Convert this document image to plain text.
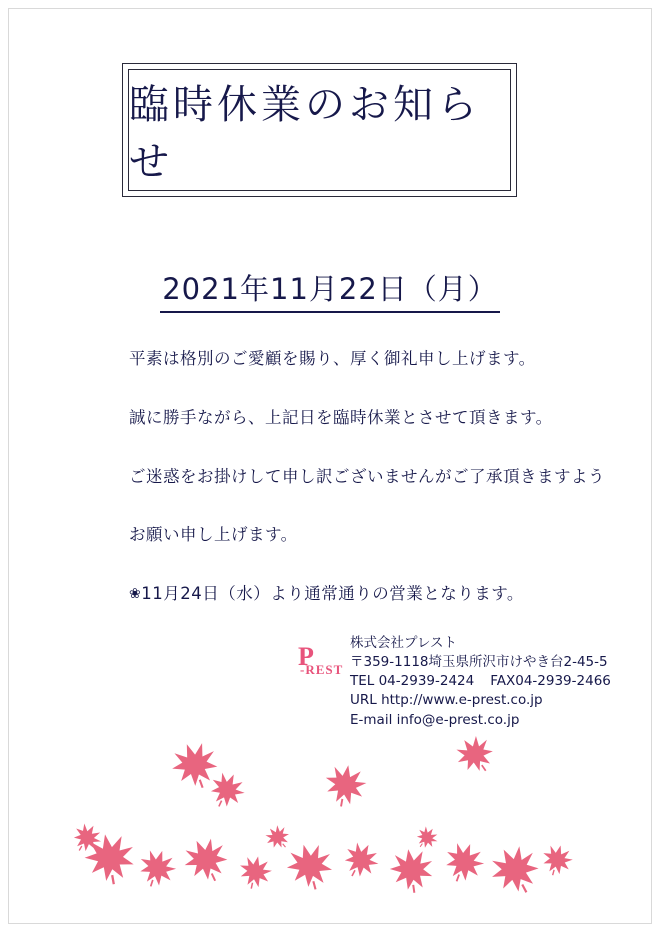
臨時休業のお知らせ
2021年11月22日（月）

平素は格別のご愛顧を賜り、厚く御礼申し上げます。

誠に勝手ながら、上記日を臨時休業とさせて頂きます。

ご迷惑をお掛けして申し訳ございませんがご了承頂きますよう

お願い申し上げます。

❀11月24日（水）より通常通りの営業となります。

P
-REST
株式会社プレスト
〒359-1118埼玉県所沢市けやき台2-45-5
TEL 04-2939-2424 FAX04-2939-2466
URL http://www.e-prest.co.jp
E-mail info@e-prest.co.jp
